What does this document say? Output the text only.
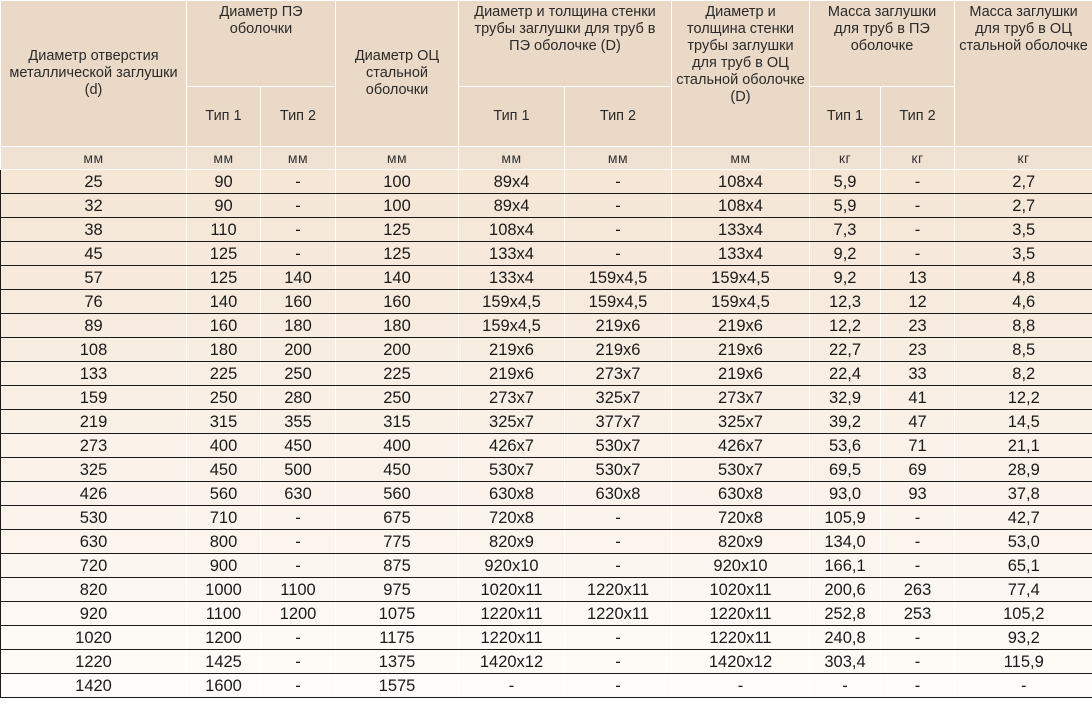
Диаметр отверстия металлической заглушки (d)	Диаметр ПЭ оболочки		Диаметр ОЦ стальной оболочки	Диаметр и толщина стенки трубы заглушки для труб в ПЭ оболочке (D)		Диаметр и толщина стенки трубы заглушки для труб в ОЦ стальной оболочке (D)	Масса заглушки для труб в ПЭ оболочке		Масса заглушки для труб в ОЦ стальной оболочке
	Тип 1	Тип 2		Тип 1	Тип 2		Тип 1	Тип 2	
мм	мм	мм	мм	мм	мм	мм	кг	кг	кг
25	90	-	100	89х4	-	108х4	5,9	-	2,7
32	90	-	100	89х4	-	108х4	5,9	-	2,7
38	110	-	125	108х4	-	133х4	7,3	-	3,5
45	125	-	125	133х4	-	133х4	9,2	-	3,5
57	125	140	140	133х4	159х4,5	159х4,5	9,2	13	4,8
76	140	160	160	159х4,5	159х4,5	159х4,5	12,3	12	4,6
89	160	180	180	159х4,5	219х6	219х6	12,2	23	8,8
108	180	200	200	219х6	219х6	219х6	22,7	23	8,5
133	225	250	225	219х6	273х7	219х6	22,4	33	8,2
159	250	280	250	273х7	325х7	273х7	32,9	41	12,2
219	315	355	315	325х7	377х7	325х7	39,2	47	14,5
273	400	450	400	426х7	530х7	426х7	53,6	71	21,1
325	450	500	450	530х7	530х7	530х7	69,5	69	28,9
426	560	630	560	630х8	630х8	630х8	93,0	93	37,8
530	710	-	675	720х8	-	720х8	105,9	-	42,7
630	800	-	775	820х9	-	820х9	134,0	-	53,0
720	900	-	875	920х10	-	920х10	166,1	-	65,1
820	1000	1100	975	1020х11	1220х11	1020х11	200,6	263	77,4
920	1100	1200	1075	1220х11	1220х11	1220х11	252,8	253	105,2
1020	1200	-	1175	1220х11	-	1220х11	240,8	-	93,2
1220	1425	-	1375	1420х12	-	1420х12	303,4	-	115,9
1420	1600	-	1575	-	-	-	-	-	-
